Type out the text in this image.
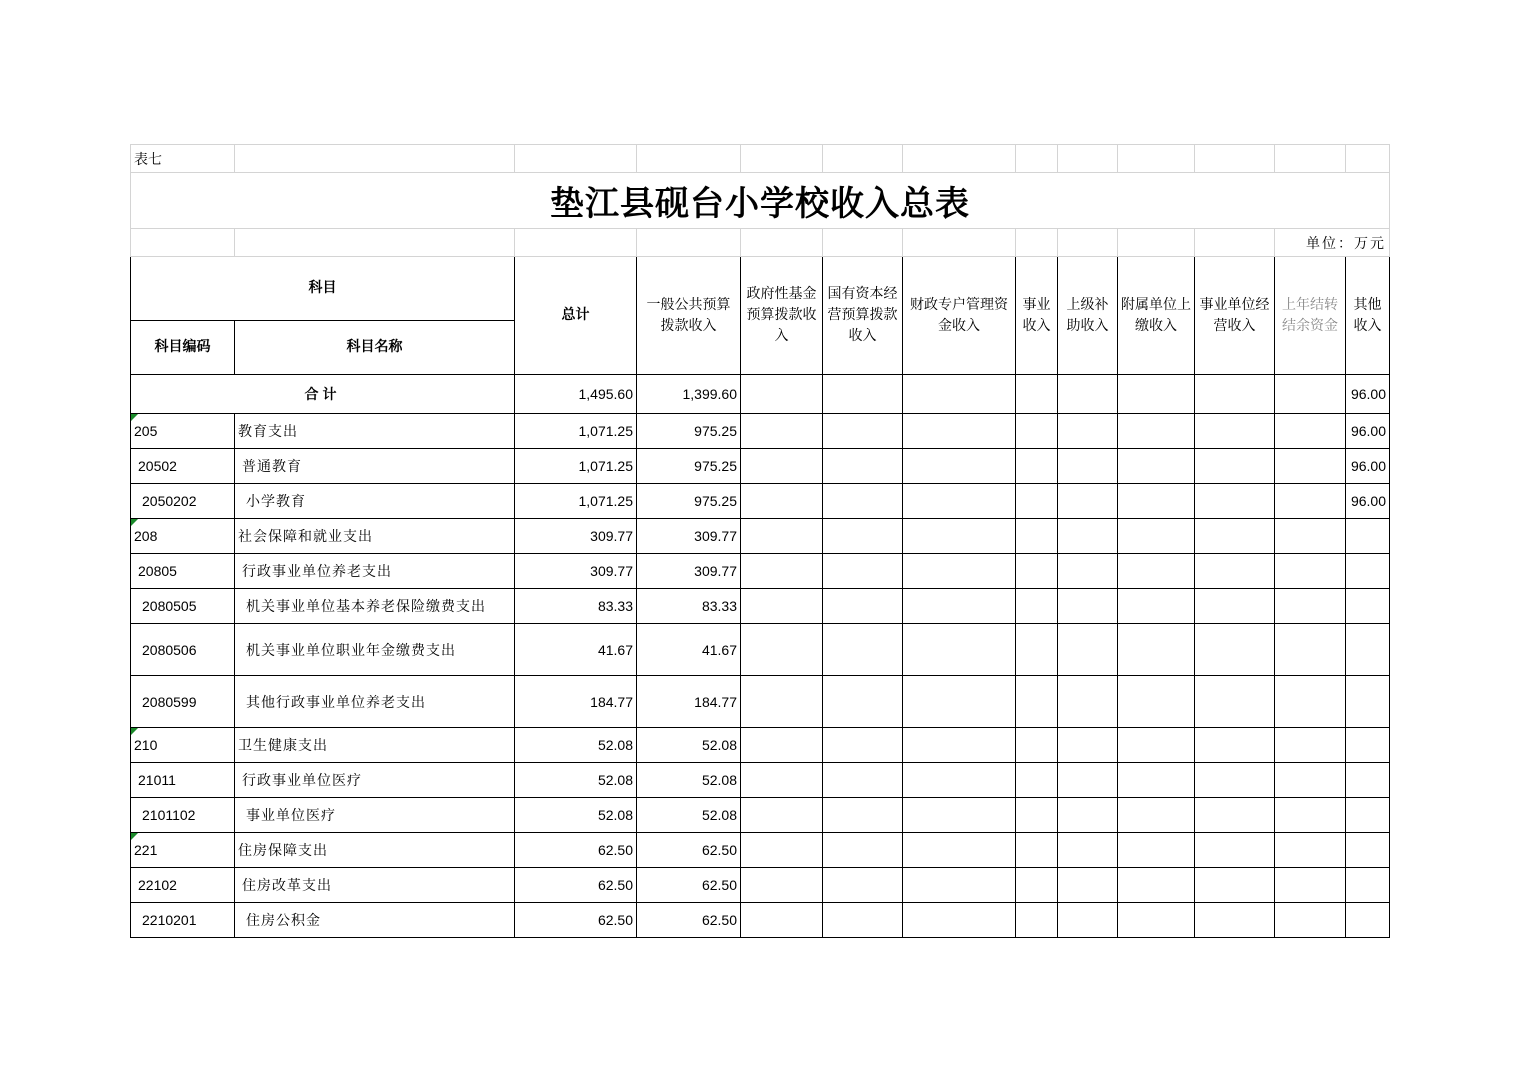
表七												
垫江县砚台小学校收入总表												
											单位：万元	
科目		总计	一般公共预算拨款收入	政府性基金预算拨款收入	国有资本经营预算拨款收入	财政专户管理资金收入	事业收入	上级补助收入	附属单位上缴收入	事业单位经营收入	上年结转结余资金	其他收入
科目编码	科目名称											
合计		1,495.60	1,399.60									96.00

205	教育支出	1,071.25	975.25									96.00
20502	普通教育	1,071.25	975.25									96.00
2050202	小学教育	1,071.25	975.25									96.00

208	社会保障和就业支出	309.77	309.77									
20805	行政事业单位养老支出	309.77	309.77									
2080505	机关事业单位基本养老保险缴费支出	83.33	83.33									
2080506	机关事业单位职业年金缴费支出	41.67	41.67									
2080599	其他行政事业单位养老支出	184.77	184.77									

210	卫生健康支出	52.08	52.08									
21011	行政事业单位医疗	52.08	52.08									
2101102	事业单位医疗	52.08	52.08									

221	住房保障支出	62.50	62.50									
22102	住房改革支出	62.50	62.50									
2210201	住房公积金	62.50	62.50									
